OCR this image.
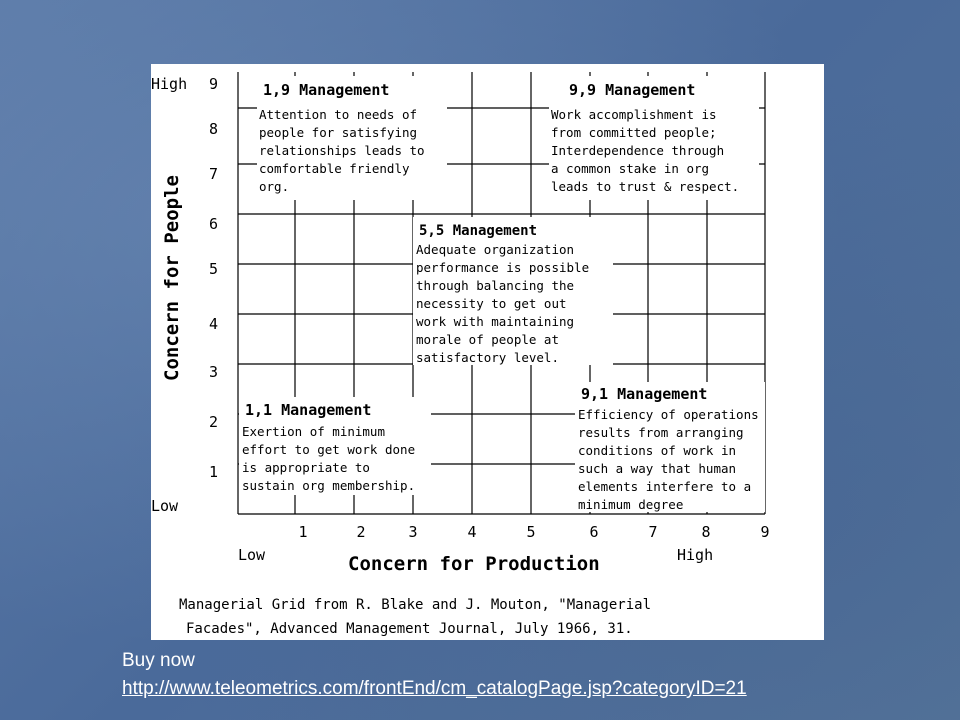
High
Low
9
8
7
6
5
4
3
2
1
Concern for People
1	2	3	4	5	6	7	8	9
Low	High
Concern for Production
1,9 Management
Attention to needs of
people for satisfying
relationships leads to
comfortable friendly
org.
9,9 Management
Work accomplishment is
from committed people;
Interdependence through
a common stake in org
leads to trust & respect.
5,5 Management
Adequate organization
performance is possible
through balancing the
necessity to get out
work with maintaining
morale of people at
satisfactory level.
1,1 Management
Exertion of minimum
effort to get work done
is appropriate to
sustain org membership.
9,1 Management
Efficiency of operations
results from arranging
conditions of work in
such a way that human
elements interfere to a
minimum degree
Managerial Grid from R. Blake and J. Mouton, "Managerial
Facades", Advanced Management Journal, July 1966, 31.
Buy now
http://www.teleometrics.com/frontEnd/cm_catalogPage.jsp?categoryID=21
